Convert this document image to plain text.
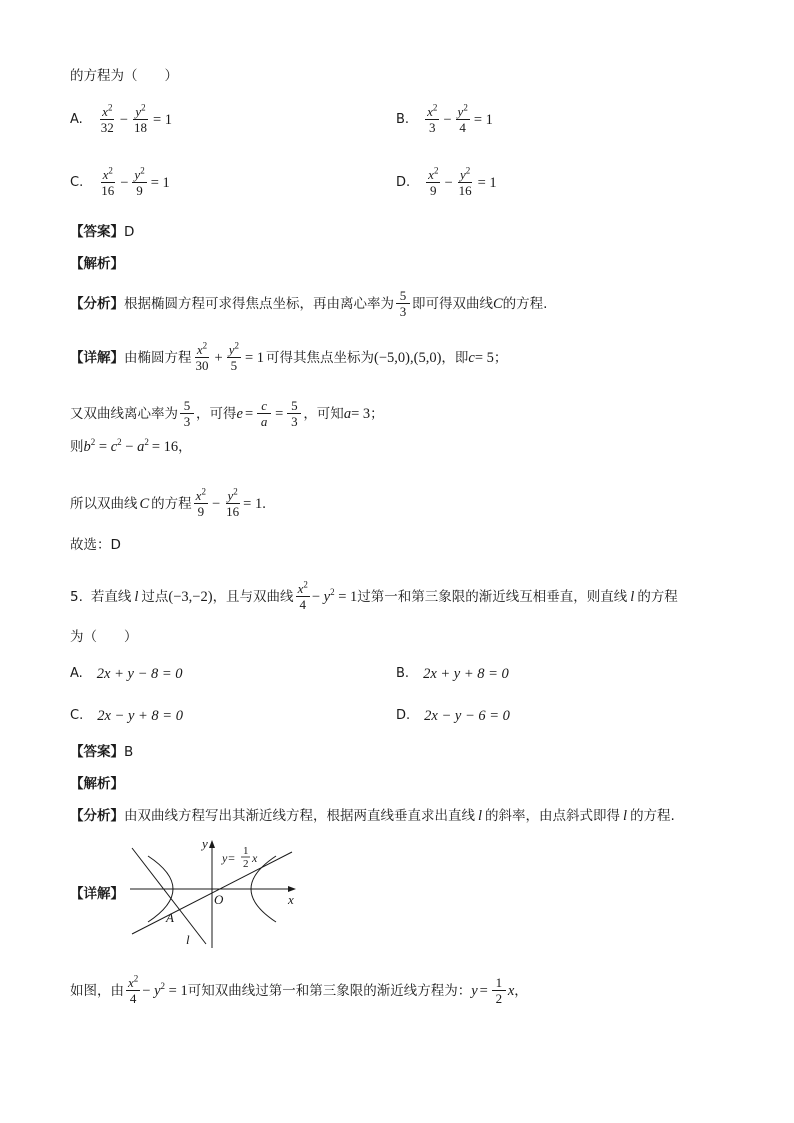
的方程为（　　）
A. $\frac{x^2}{32} - \frac{y^2}{18} = 1$	B. $\frac{x^2}{3} - \frac{y^2}{4} = 1$
C. $\frac{x^2}{16} - \frac{y^2}{9} = 1$	D. $\frac{x^2}{9} - \frac{y^2}{16} = 1$
【答案】 D
【解析】
【分析】 根据椭圆方程可求得焦点坐标，再由离心率为 $\frac{5}{3}$ 即可得双曲线 C 的方程.
【详解】 由椭圆方程 $\frac{x^2}{30} + \frac{y^2}{5} = 1$ 可得其焦点坐标为 (−5,0),(5,0) ，即 c = 5 ；
又双曲线离心率为 $\frac{5}{3}$ ，可得 $e = \frac{c}{a} = \frac{5}{3}$ ，可知 a = 3 ；
则 $b^2 = c^2 - a^2 = 16$ ，
所以双曲线 C 的方程 $\frac{x^2}{9} - \frac{y^2}{16} = 1$.
故选：D
5. 若直线 l 过点 (−3,−2) ，且与双曲线 $\frac{x^2}{4} - y^2 = 1$ 过第一和第三象限的渐近线互相垂直，则直线 l 的方程
为（　　）
A. 2x + y − 8 = 0	B. 2x + y + 8 = 0
C. 2x − y + 8 = 0	D. 2x − y − 6 = 0
【答案】 B
【解析】
【分析】 由双曲线方程写出其渐近线方程，根据两直线垂直求出直线 l 的斜率，由点斜式即得 l 的方程.
【详解】
y
x
O
A
l
y= 1
2 x
如图，由 $\frac{x^2}{4} - y^2 = 1$ 可知双曲线过第一和第三象限的渐近线方程为： $y = \frac{1}{2}$ x ，
